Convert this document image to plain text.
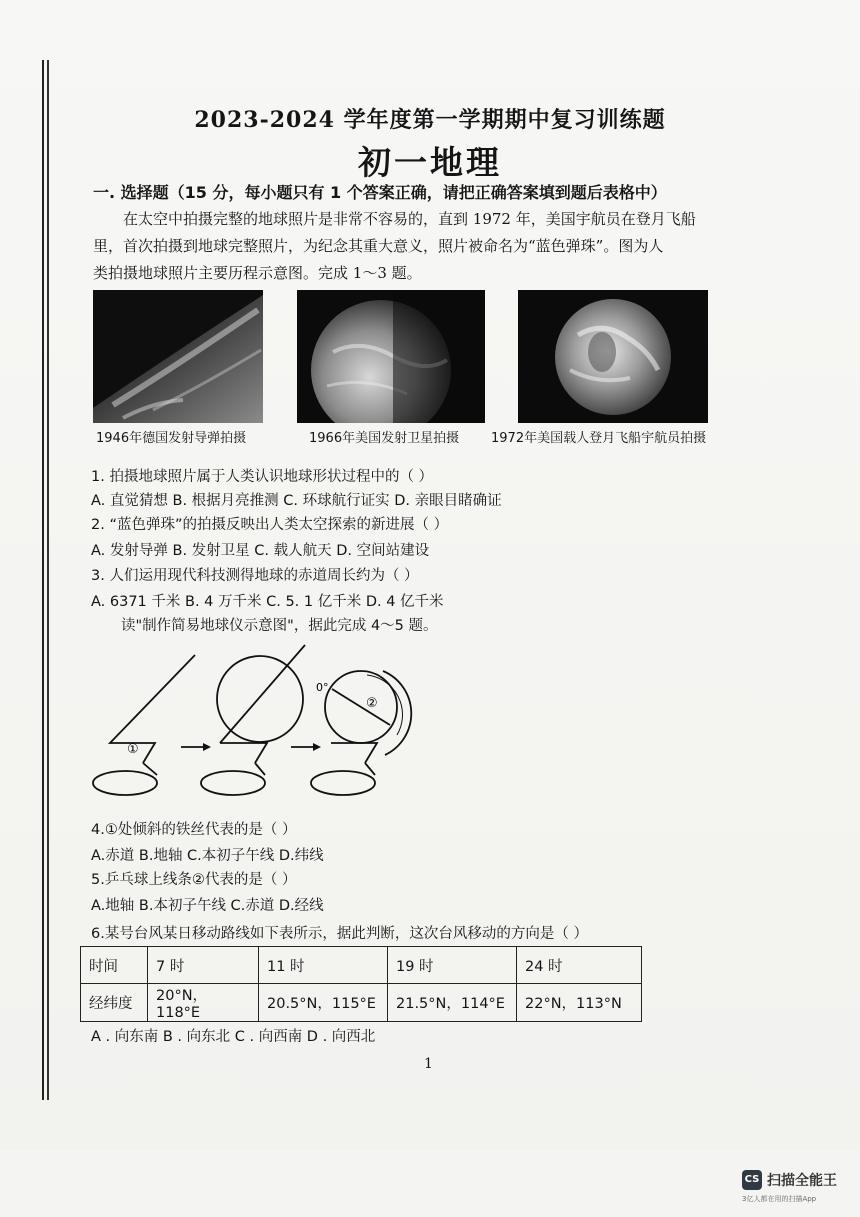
2023-2024 学年度第一学期期中复习训练题
初一地理
一. 选择题（15 分，每小题只有 1 个答案正确，请把正确答案填到题后表格中）
在太空中拍摄完整的地球照片是非常不容易的，直到 1972 年，美国宇航员在登月飞船
里，首次拍摄到地球完整照片，为纪念其重大意义，照片被命名为“蓝色弹珠”。图为人
类拍摄地球照片主要历程示意图。完成 1～3 题。
1946年德国发射导弹拍摄	1966年美国发射卫星拍摄 1972年美国载人登月飞船宇航员拍摄
1. 拍摄地球照片属于人类认识地球形状过程中的（ ）
A. 直觉猜想 B. 根据月亮推测 C. 环球航行证实 D. 亲眼目睹确证
2. “蓝色弹珠”的拍摄反映出人类太空探索的新进展（ ）
A. 发射导弹 B. 发射卫星 C. 载人航天 D. 空间站建设
3. 人们运用现代科技测得地球的赤道周长约为（ ）
A. 6371 千米 B. 4 万千米 C. 5. 1 亿千米 D. 4 亿千米
读"制作简易地球仪示意图"，据此完成 4～5 题。
①
②
0°
4.①处倾斜的铁丝代表的是（ ）
A.赤道 B.地轴 C.本初子午线 D.纬线
5.乒乓球上线条②代表的是（ ）
A.地轴 B.本初子午线 C.赤道 D.经线
6.某号台风某日移动路线如下表所示，据此判断，这次台风移动的方向是（ ）
时间	7 时	11 时	19 时	24 时
经纬度	20°N，118°E	20.5°N，115°E	21.5°N，114°E	22°N，113°N
A . 向东南 B . 向东北 C . 向西南 D . 向西北
1
CS 扫描全能王
3亿人都在用的扫描App
